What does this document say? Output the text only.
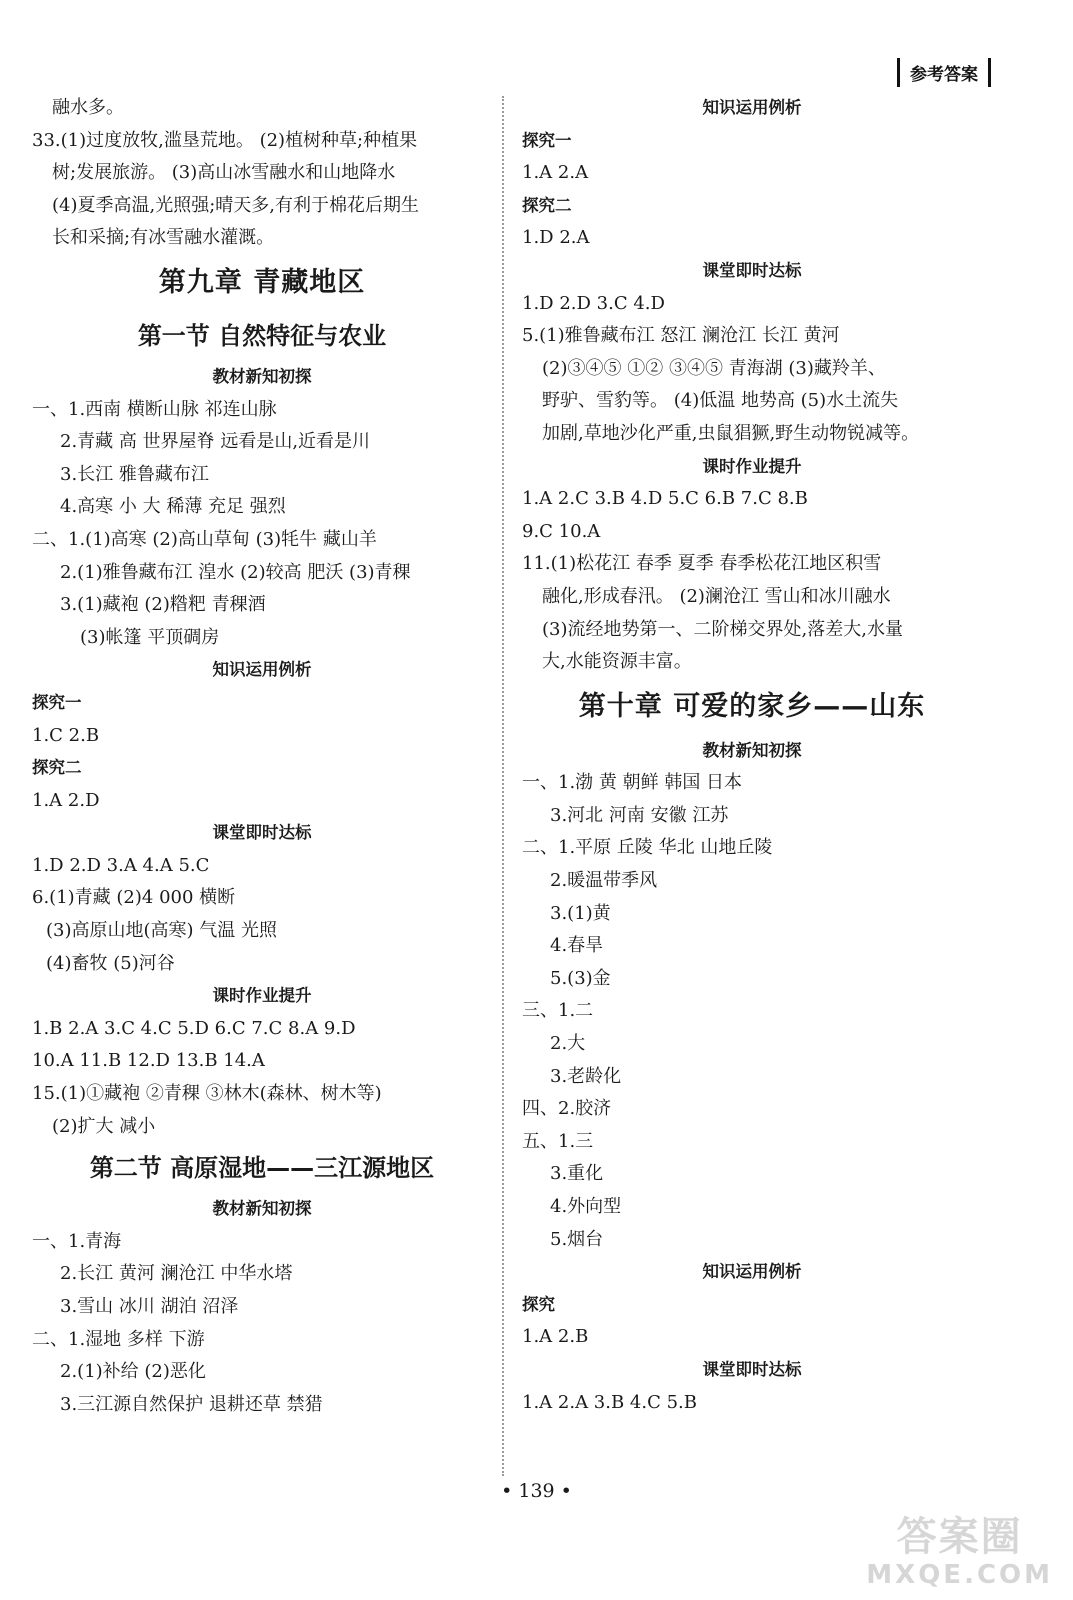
参考答案
融水多。
33.(1)过度放牧,滥垦荒地。 (2)植树种草;种植果
树;发展旅游。 (3)高山冰雪融水和山地降水
(4)夏季高温,光照强;晴天多,有利于棉花后期生
长和采摘;有冰雪融水灌溉。
第九章 青藏地区
第一节 自然特征与农业
教材新知初探
一、1.西南 横断山脉 祁连山脉
2.青藏 高 世界屋脊 远看是山,近看是川
3.长江 雅鲁藏布江
4.高寒 小 大 稀薄 充足 强烈
二、1.(1)高寒 (2)高山草甸 (3)牦牛 藏山羊
2.(1)雅鲁藏布江 湟水 (2)较高 肥沃 (3)青稞
3.(1)藏袍 (2)糌粑 青稞酒
(3)帐篷 平顶碉房
知识运用例析
探究一
1.C 2.B
探究二
1.A 2.D
课堂即时达标
1.D 2.D 3.A 4.A 5.C
6.(1)青藏 (2)4 000 横断
(3)高原山地(高寒) 气温 光照
(4)畜牧 (5)河谷
课时作业提升
1.B 2.A 3.C 4.C 5.D 6.C 7.C 8.A 9.D
10.A 11.B 12.D 13.B 14.A
15.(1)①藏袍 ②青稞 ③林木(森林、树木等)
(2)扩大 减小
第二节 高原湿地——三江源地区
教材新知初探
一、1.青海
2.长江 黄河 澜沧江 中华水塔
3.雪山 冰川 湖泊 沼泽
二、1.湿地 多样 下游
2.(1)补给 (2)恶化
3.三江源自然保护 退耕还草 禁猎
知识运用例析
探究一
1.A 2.A
探究二
1.D 2.A
课堂即时达标
1.D 2.D 3.C 4.D
5.(1)雅鲁藏布江 怒江 澜沧江 长江 黄河
(2)③④⑤ ①② ③④⑤ 青海湖 (3)藏羚羊、
野驴、雪豹等。 (4)低温 地势高 (5)水土流失
加剧,草地沙化严重,虫鼠猖獗,野生动物锐减等。
课时作业提升
1.A 2.C 3.B 4.D 5.C 6.B 7.C 8.B
9.C 10.A
11.(1)松花江 春季 夏季 春季松花江地区积雪
融化,形成春汛。 (2)澜沧江 雪山和冰川融水
(3)流经地势第一、二阶梯交界处,落差大,水量
大,水能资源丰富。
第十章 可爱的家乡——山东
教材新知初探
一、1.渤 黄 朝鲜 韩国 日本
3.河北 河南 安徽 江苏
二、1.平原 丘陵 华北 山地丘陵
2.暖温带季风
3.(1)黄
4.春旱
5.(3)金
三、1.二
2.大
3.老龄化
四、2.胶济
五、1.三
3.重化
4.外向型
5.烟台
知识运用例析
探究
1.A 2.B
课堂即时达标
1.A 2.A 3.B 4.C 5.B
• 139 •
答案圈
MXQE.COM
